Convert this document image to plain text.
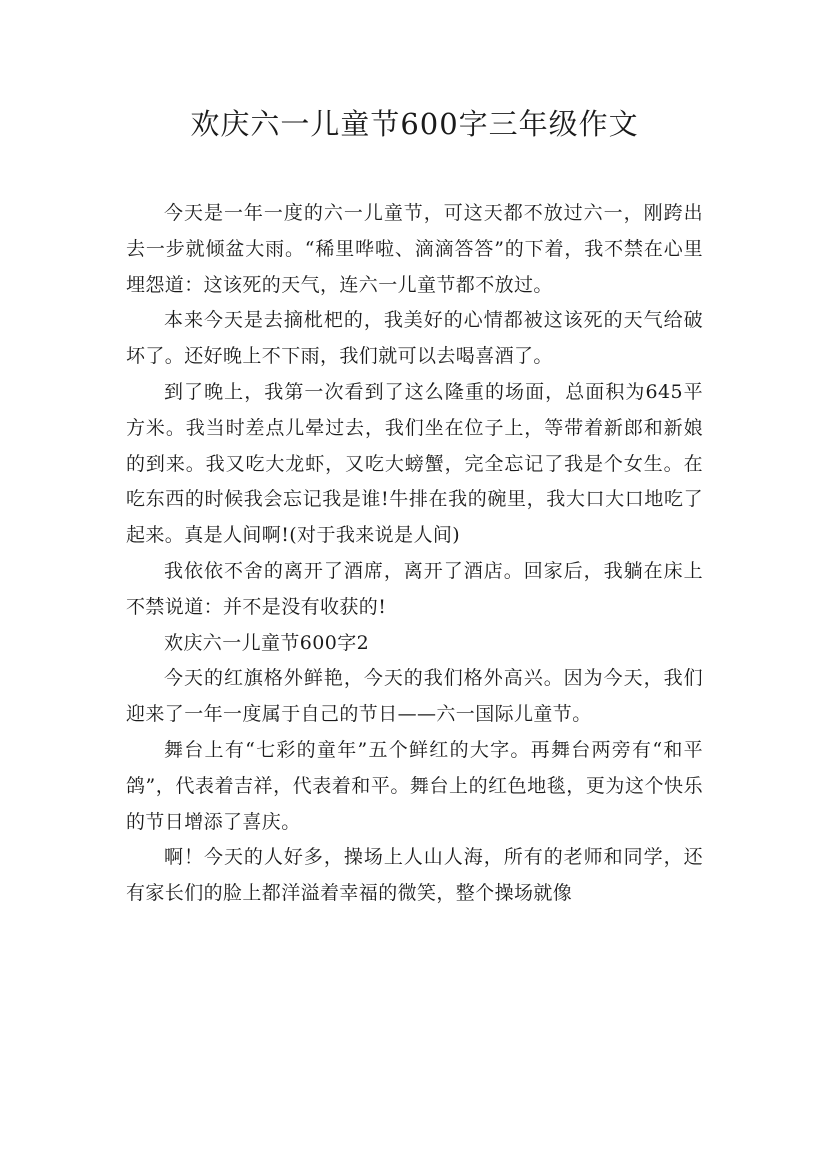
欢庆六一儿童节600字三年级作文

今天是一年一度的六一儿童节，可这天都不放过六一，刚跨出去一步就倾盆大雨。“稀里哗啦、滴滴答答”的下着，我不禁在心里埋怨道：这该死的天气，连六一儿童节都不放过。

本来今天是去摘枇杷的，我美好的心情都被这该死的天气给破坏了。还好晚上不下雨，我们就可以去喝喜酒了。

到了晚上，我第一次看到了这么隆重的场面，总面积为645平方米。我当时差点儿晕过去，我们坐在位子上，等带着新郎和新娘的到来。我又吃大龙虾，又吃大螃蟹，完全忘记了我是个女生。在吃东西的时候我会忘记我是谁!牛排在我的碗里，我大口大口地吃了起来。真是人间啊!(对于我来说是人间)

我依依不舍的离开了酒席，离开了酒店。回家后，我躺在床上不禁说道：并不是没有收获的!

欢庆六一儿童节600字2

今天的红旗格外鲜艳，今天的我们格外高兴。因为今天，我们迎来了一年一度属于自己的节日——六一国际儿童节。

舞台上有“七彩的童年”五个鲜红的大字。再舞台两旁有“和平鸽”，代表着吉祥，代表着和平。舞台上的红色地毯，更为这个快乐的节日增添了喜庆。

啊！今天的人好多，操场上人山人海，所有的老师和同学，还有家长们的脸上都洋溢着幸福的微笑，整个操场就像
